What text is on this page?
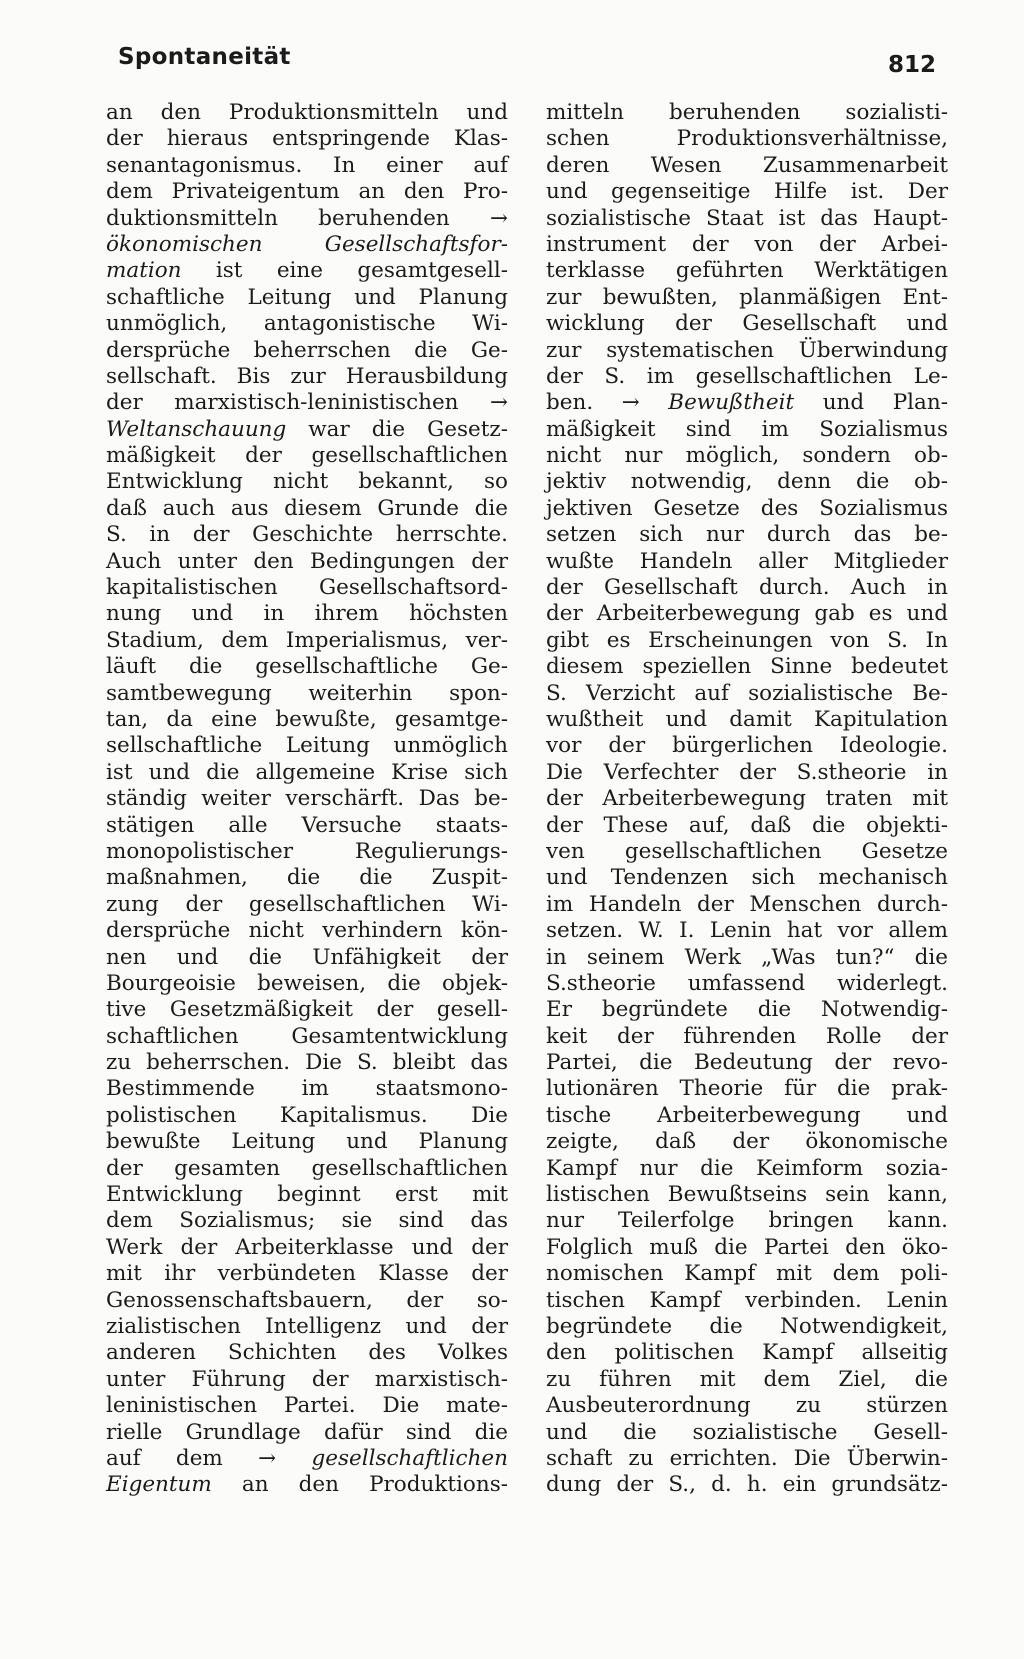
Spontaneität	812
an den Produktionsmitteln und
der hieraus entspringende Klas-
senantagonismus. In einer auf
dem Privateigentum an den Pro-
duktionsmitteln beruhenden →
ökonomischen Gesellschaftsfor-
mation ist eine gesamtgesell-
schaftliche Leitung und Planung
unmöglich, antagonistische Wi-
dersprüche beherrschen die Ge-
sellschaft. Bis zur Herausbildung
der marxistisch-leninistischen →
Weltanschauung war die Gesetz-
mäßigkeit der gesellschaftlichen
Entwicklung nicht bekannt, so
daß auch aus diesem Grunde die
S. in der Geschichte herrschte.
Auch unter den Bedingungen der
kapitalistischen Gesellschaftsord-
nung und in ihrem höchsten
Stadium, dem Imperialismus, ver-
läuft die gesellschaftliche Ge-
samtbewegung weiterhin spon-
tan, da eine bewußte, gesamtge-
sellschaftliche Leitung unmöglich
ist und die allgemeine Krise sich
ständig weiter verschärft. Das be-
stätigen alle Versuche staats-
monopolistischer Regulierungs-
maßnahmen, die die Zuspit-
zung der gesellschaftlichen Wi-
dersprüche nicht verhindern kön-
nen und die Unfähigkeit der
Bourgeoisie beweisen, die objek-
tive Gesetzmäßigkeit der gesell-
schaftlichen Gesamtentwicklung
zu beherrschen. Die S. bleibt das
Bestimmende im staatsmono-
polistischen Kapitalismus. Die
bewußte Leitung und Planung
der gesamten gesellschaftlichen
Entwicklung beginnt erst mit
dem Sozialismus; sie sind das
Werk der Arbeiterklasse und der
mit ihr verbündeten Klasse der
Genossenschaftsbauern, der so-
zialistischen Intelligenz und der
anderen Schichten des Volkes
unter Führung der marxistisch-
leninistischen Partei. Die mate-
rielle Grundlage dafür sind die
auf dem → gesellschaftlichen
Eigentum an den Produktions-
mitteln beruhenden sozialisti-
schen Produktionsverhältnisse,
deren Wesen Zusammenarbeit
und gegenseitige Hilfe ist. Der
sozialistische Staat ist das Haupt-
instrument der von der Arbei-
terklasse geführten Werktätigen
zur bewußten, planmäßigen Ent-
wicklung der Gesellschaft und
zur systematischen Überwindung
der S. im gesellschaftlichen Le-
ben. → Bewußtheit und Plan-
mäßigkeit sind im Sozialismus
nicht nur möglich, sondern ob-
jektiv notwendig, denn die ob-
jektiven Gesetze des Sozialismus
setzen sich nur durch das be-
wußte Handeln aller Mitglieder
der Gesellschaft durch. Auch in
der Arbeiterbewegung gab es und
gibt es Erscheinungen von S. In
diesem speziellen Sinne bedeutet
S. Verzicht auf sozialistische Be-
wußtheit und damit Kapitulation
vor der bürgerlichen Ideologie.
Die Verfechter der S.stheorie in
der Arbeiterbewegung traten mit
der These auf, daß die objekti-
ven gesellschaftlichen Gesetze
und Tendenzen sich mechanisch
im Handeln der Menschen durch-
setzen. W. I. Lenin hat vor allem
in seinem Werk „Was tun?“ die
S.stheorie umfassend widerlegt.
Er begründete die Notwendig-
keit der führenden Rolle der
Partei, die Bedeutung der revo-
lutionären Theorie für die prak-
tische Arbeiterbewegung und
zeigte, daß der ökonomische
Kampf nur die Keimform sozia-
listischen Bewußtseins sein kann,
nur Teilerfolge bringen kann.
Folglich muß die Partei den öko-
nomischen Kampf mit dem poli-
tischen Kampf verbinden. Lenin
begründete die Notwendigkeit,
den politischen Kampf allseitig
zu führen mit dem Ziel, die
Ausbeuterordnung zu stürzen
und die sozialistische Gesell-
schaft zu errichten. Die Überwin-
dung der S., d. h. ein grundsätz-
